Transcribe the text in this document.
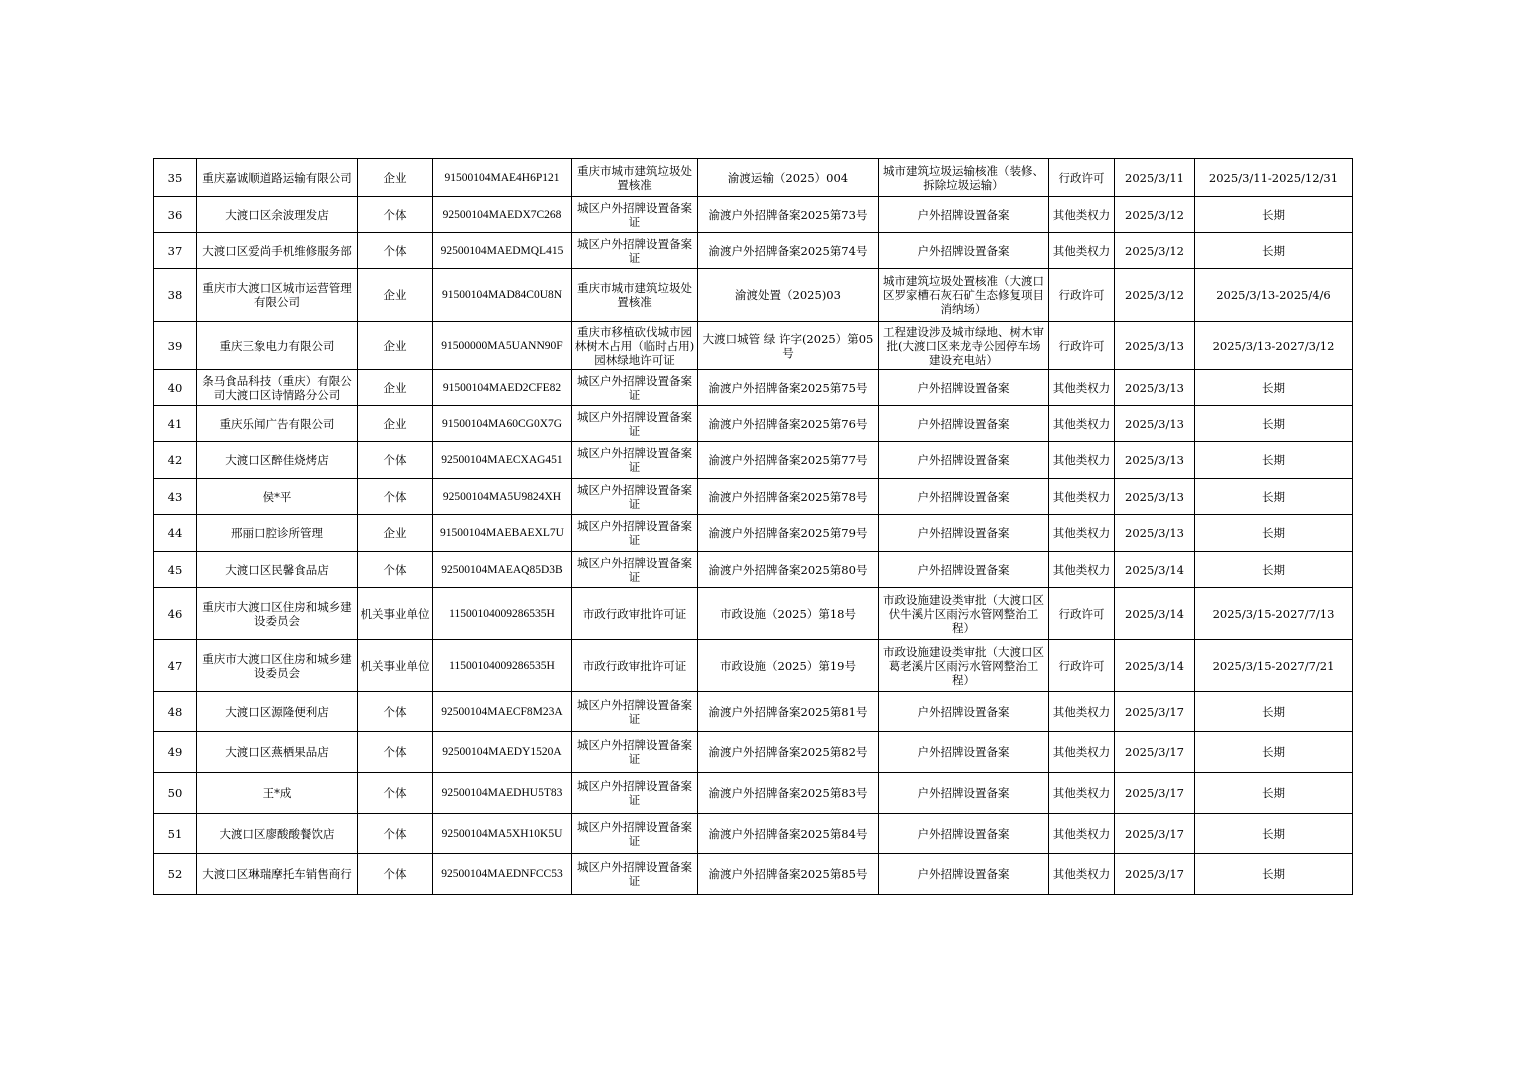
35	重庆嘉诚顺道路运输有限公司	企业	91500104MAE4H6P121	重庆市城市建筑垃圾处置核准	渝渡运输（2025）004	城市建筑垃圾运输核准（装修、拆除垃圾运输）	行政许可	2025/3/11	2025/3/11-2025/12/31
36	大渡口区余波理发店	个体	92500104MAEDX7C268	城区户外招牌设置备案证	渝渡户外招牌备案2025第73号	户外招牌设置备案	其他类权力	2025/3/12	长期
37	大渡口区爱尚手机维修服务部	个体	92500104MAEDMQL415	城区户外招牌设置备案证	渝渡户外招牌备案2025第74号	户外招牌设置备案	其他类权力	2025/3/12	长期
38	重庆市大渡口区城市运营管理有限公司	企业	91500104MAD84C0U8N	重庆市城市建筑垃圾处置核准	渝渡处置（2025)03	城市建筑垃圾处置核准（大渡口区罗家槽石灰石矿生态修复项目消纳场）	行政许可	2025/3/12	2025/3/13-2025/4/6
39	重庆三象电力有限公司	企业	91500000MA5UANN90F	重庆市移植砍伐城市园林树木占用（临时占用)园林绿地许可证	大渡口城管 绿 许字(2025）第05号	工程建设涉及城市绿地、树木审批(大渡口区来龙寺公园停车场建设充电站）	行政许可	2025/3/13	2025/3/13-2027/3/12
40	条马食品科技（重庆）有限公司大渡口区诗情路分公司	企业	91500104MAED2CFE82	城区户外招牌设置备案证	渝渡户外招牌备案2025第75号	户外招牌设置备案	其他类权力	2025/3/13	长期
41	重庆乐闻广告有限公司	企业	91500104MA60CG0X7G	城区户外招牌设置备案证	渝渡户外招牌备案2025第76号	户外招牌设置备案	其他类权力	2025/3/13	长期
42	大渡口区醉佳烧烤店	个体	92500104MAECXAG451	城区户外招牌设置备案证	渝渡户外招牌备案2025第77号	户外招牌设置备案	其他类权力	2025/3/13	长期
43	侯*平	个体	92500104MA5U9824XH	城区户外招牌设置备案证	渝渡户外招牌备案2025第78号	户外招牌设置备案	其他类权力	2025/3/13	长期
44	邢丽口腔诊所管理	企业	91500104MAEBAEXL7U	城区户外招牌设置备案证	渝渡户外招牌备案2025第79号	户外招牌设置备案	其他类权力	2025/3/13	长期
45	大渡口区民馨食品店	个体	92500104MAEAQ85D3B	城区户外招牌设置备案证	渝渡户外招牌备案2025第80号	户外招牌设置备案	其他类权力	2025/3/14	长期
46	重庆市大渡口区住房和城乡建设委员会	机关事业单位	11500104009286535H	市政行政审批许可证	市政设施（2025）第18号	市政设施建设类审批（大渡口区伏牛溪片区雨污水管网整治工程）	行政许可	2025/3/14	2025/3/15-2027/7/13
47	重庆市大渡口区住房和城乡建设委员会	机关事业单位	11500104009286535H	市政行政审批许可证	市政设施（2025）第19号	市政设施建设类审批（大渡口区葛老溪片区雨污水管网整治工程）	行政许可	2025/3/14	2025/3/15-2027/7/21
48	大渡口区源隆便利店	个体	92500104MAECF8M23A	城区户外招牌设置备案证	渝渡户外招牌备案2025第81号	户外招牌设置备案	其他类权力	2025/3/17	长期
49	大渡口区燕栖果品店	个体	92500104MAEDY1520A	城区户外招牌设置备案证	渝渡户外招牌备案2025第82号	户外招牌设置备案	其他类权力	2025/3/17	长期
50	王*成	个体	92500104MAEDHU5T83	城区户外招牌设置备案证	渝渡户外招牌备案2025第83号	户外招牌设置备案	其他类权力	2025/3/17	长期
51	大渡口区廖酸酸餐饮店	个体	92500104MA5XH10K5U	城区户外招牌设置备案证	渝渡户外招牌备案2025第84号	户外招牌设置备案	其他类权力	2025/3/17	长期
52	大渡口区琳瑞摩托车销售商行	个体	92500104MAEDNFCC53	城区户外招牌设置备案证	渝渡户外招牌备案2025第85号	户外招牌设置备案	其他类权力	2025/3/17	长期
